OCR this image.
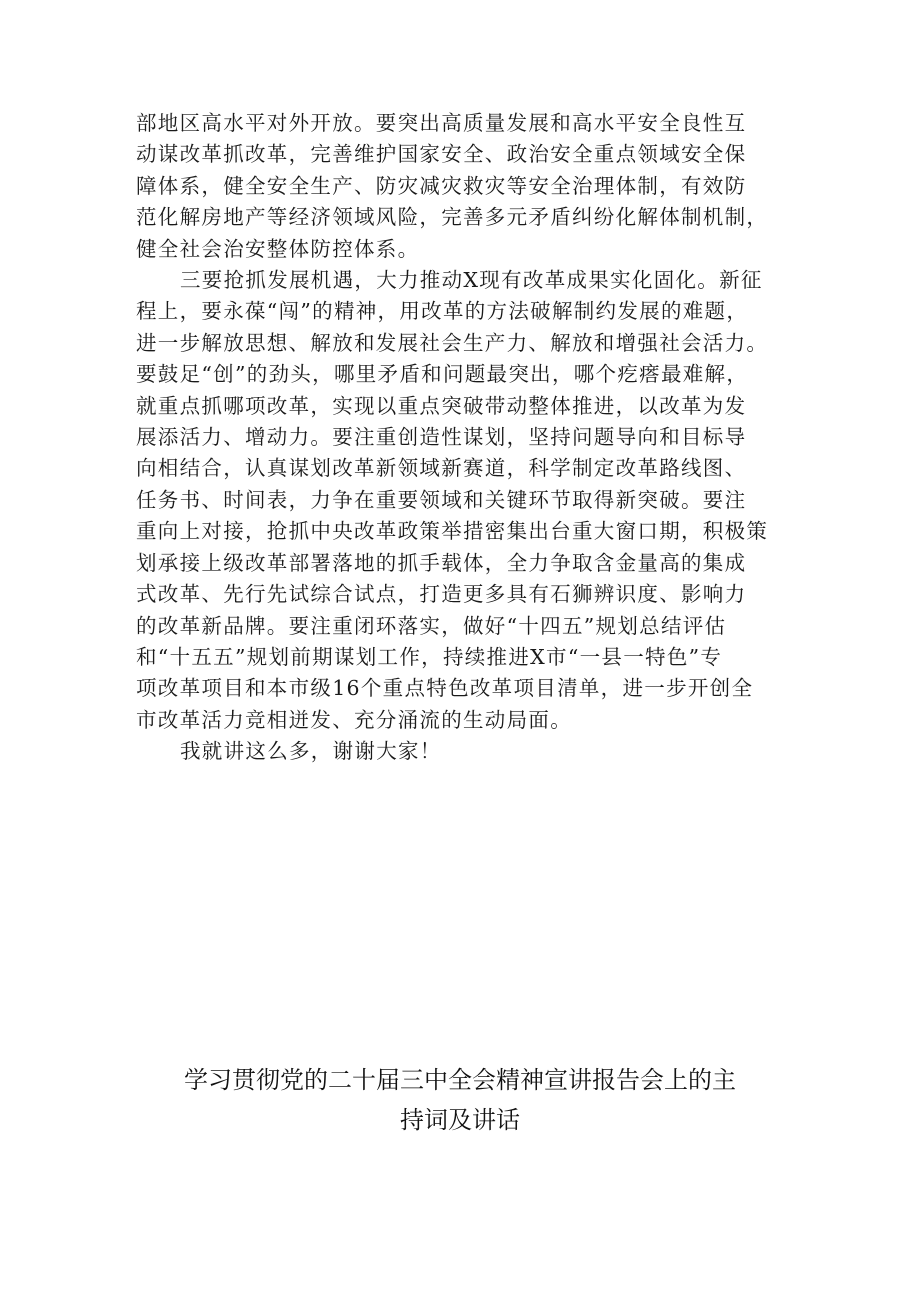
部地区高水平对外开放。要突出高质量发展和高水平安全良性互
动谋改革抓改革，完善维护国家安全、政治安全重点领域安全保
障体系，健全安全生产、防灾减灾救灾等安全治理体制，有效防
范化解房地产等经济领域风险，完善多元矛盾纠纷化解体制机制，
健全社会治安整体防控体系。

三要抢抓发展机遇，大力推动X现有改革成果实化固化。新征
程上，要永葆“闯”的精神，用改革的方法破解制约发展的难题，
进一步解放思想、解放和发展社会生产力、解放和增强社会活力。
要鼓足“创”的劲头，哪里矛盾和问题最突出，哪个疙瘩最难解，
就重点抓哪项改革，实现以重点突破带动整体推进，以改革为发
展添活力、增动力。要注重创造性谋划，坚持问题导向和目标导
向相结合，认真谋划改革新领域新赛道，科学制定改革路线图、
任务书、时间表，力争在重要领域和关键环节取得新突破。要注
重向上对接，抢抓中央改革政策举措密集出台重大窗口期，积极策
划承接上级改革部署落地的抓手载体，全力争取含金量高的集成
式改革、先行先试综合试点，打造更多具有石狮辨识度、影响力
的改革新品牌。要注重闭环落实，做好“十四五”规划总结评估
和“十五五”规划前期谋划工作，持续推进X市“一县一特色”专
项改革项目和本市级16个重点特色改革项目清单，进一步开创全
市改革活力竞相迸发、充分涌流的生动局面。

我就讲这么多，谢谢大家！

学习贯彻党的二十届三中全会精神宣讲报告会上的主
持词及讲话
